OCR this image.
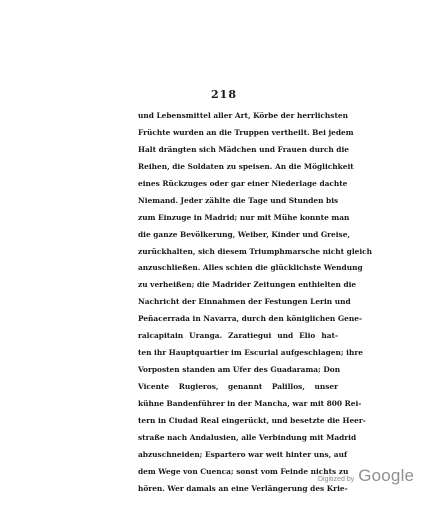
218
und Lebensmittel aller Art, Körbe der herrlichsten
Früchte wurden an die Truppen vertheilt. Bei jedem
Halt drängten sich Mädchen und Frauen durch die
Reihen, die Soldaten zu speisen. An die Möglichkeit
eines Rückzuges oder gar einer Niederlage dachte
Niemand. Jeder zählte die Tage und Stunden bis
zum Einzuge in Madrid; nur mit Mühe konnte man
die ganze Bevölkerung, Weiber, Kinder und Greise,
zurückhalten, sich diesem Triumphmarsche nicht gleich
anzuschließen. Alles schien die glücklichste Wendung
zu verheißen; die Madrider Zeitungen enthielten die
Nachricht der Einnahmen der Festungen Lerin und
Peñacerrada in Navarra, durch den königlichen Gene-
ralcapitain Uranga. Zaratiegui und Elio hat-
ten ihr Hauptquartier im Escurial aufgeschlagen; ihre
Vorposten standen am Ufer des Guadarama; Don
Vicente Rugieros, genannt Palillos, unser
kühne Bandenführer in der Mancha, war mit 800 Rei-
tern in Ciudad Real eingerückt, und besetzte die Heer-
straße nach Andalusien, alle Verbindung mit Madrid
abzuschneiden; Espartero war weit hinter uns, auf
dem Wege von Cuenca; sonst vom Feinde nichts zu
hören. Wer damals an eine Verlängerung des Krie-
Digitized by Google
